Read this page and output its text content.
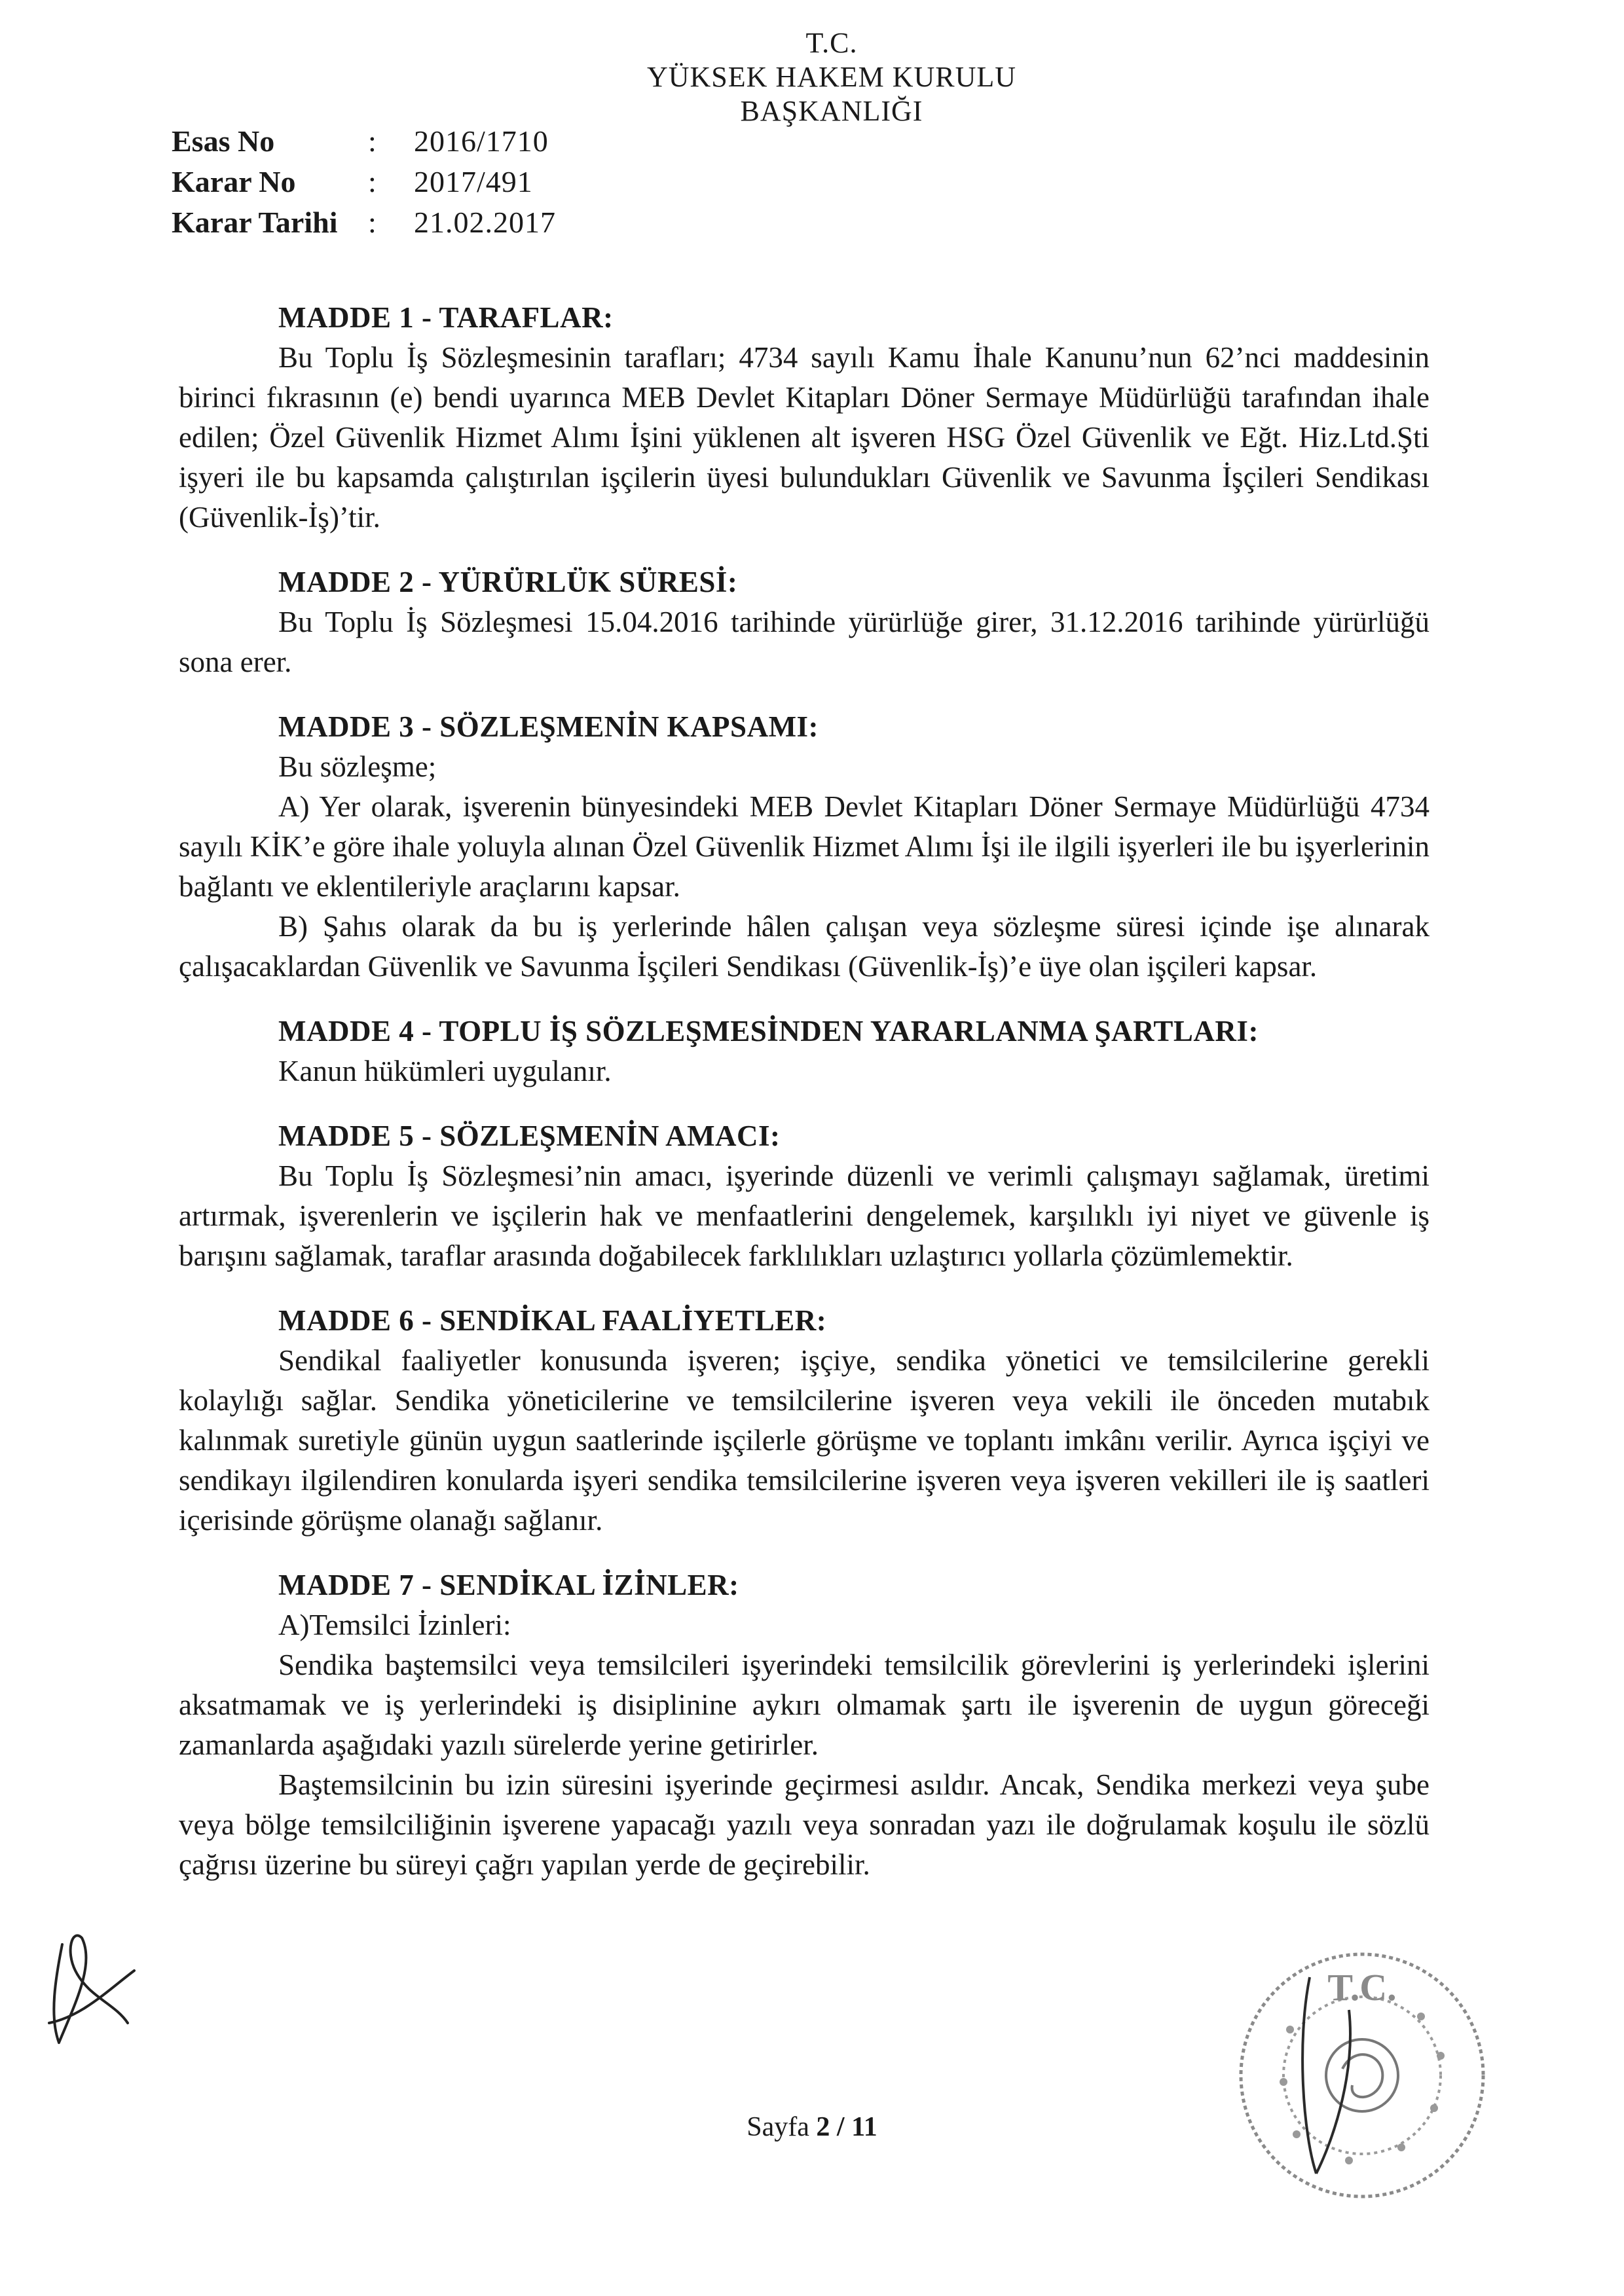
T.C.
YÜKSEK HAKEM KURULU
BAŞKANLIĞI
Esas No	:	2016/1710
Karar No	:	2017/491
Karar Tarihi	:	21.02.2017
MADDE 1 - TARAFLAR:

Bu Toplu İş Sözleşmesinin tarafları; 4734 sayılı Kamu İhale Kanunu’nun 62’nci maddesinin birinci fıkrasının (e) bendi uyarınca MEB Devlet Kitapları Döner Sermaye Müdürlüğü tarafından ihale edilen; Özel Güvenlik Hizmet Alımı İşini yüklenen alt işveren HSG Özel Güvenlik ve Eğt. Hiz.Ltd.Şti işyeri ile bu kapsamda çalıştırılan işçilerin üyesi bulundukları Güvenlik ve Savunma İşçileri Sendikası (Güvenlik-İş)’tir.

MADDE 2 - YÜRÜRLÜK SÜRESİ:

Bu Toplu İş Sözleşmesi 15.04.2016 tarihinde yürürlüğe girer, 31.12.2016 tarihinde yürürlüğü sona erer.

MADDE 3 - SÖZLEŞMENİN KAPSAMI:

Bu sözleşme;

A) Yer olarak, işverenin bünyesindeki MEB Devlet Kitapları Döner Sermaye Müdürlüğü 4734 sayılı KİK’e göre ihale yoluyla alınan Özel Güvenlik Hizmet Alımı İşi ile ilgili işyerleri ile bu işyerlerinin bağlantı ve eklentileriyle araçlarını kapsar.

B) Şahıs olarak da bu iş yerlerinde hâlen çalışan veya sözleşme süresi içinde işe alınarak çalışacaklardan Güvenlik ve Savunma İşçileri Sendikası (Güvenlik-İş)’e üye olan işçileri kapsar.

MADDE 4 - TOPLU İŞ SÖZLEŞMESİNDEN YARARLANMA ŞARTLARI:

Kanun hükümleri uygulanır.

MADDE 5 - SÖZLEŞMENİN AMACI:

Bu Toplu İş Sözleşmesi’nin amacı, işyerinde düzenli ve verimli çalışmayı sağlamak, üretimi artırmak, işverenlerin ve işçilerin hak ve menfaatlerini dengelemek, karşılıklı iyi niyet ve güvenle iş barışını sağlamak, taraflar arasında doğabilecek farklılıkları uzlaştırıcı yollarla çözümlemektir.

MADDE 6 - SENDİKAL FAALİYETLER:

Sendikal faaliyetler konusunda işveren; işçiye, sendika yönetici ve temsilcilerine gerekli kolaylığı sağlar. Sendika yöneticilerine ve temsilcilerine işveren veya vekili ile önceden mutabık kalınmak suretiyle günün uygun saatlerinde işçilerle görüşme ve toplantı imkânı verilir. Ayrıca işçiyi ve sendikayı ilgilendiren konularda işyeri sendika temsilcilerine işveren veya işveren vekilleri ile iş saatleri içerisinde görüşme olanağı sağlanır.

MADDE 7 - SENDİKAL İZİNLER:

A)Temsilci İzinleri:

Sendika baştemsilci veya temsilcileri işyerindeki temsilcilik görevlerini iş yerlerindeki işlerini aksatmamak ve iş yerlerindeki iş disiplinine aykırı olmamak şartı ile işverenin de uygun göreceği zamanlarda aşağıdaki yazılı sürelerde yerine getirirler.

Baştemsilcinin bu izin süresini işyerinde geçirmesi asıldır. Ancak, Sendika merkezi veya şube veya bölge temsilciliğinin işverene yapacağı yazılı veya sonradan yazı ile doğrulamak koşulu ile sözlü çağrısı üzerine bu süreyi çağrı yapılan yerde de geçirebilir.

Sayfa 2 / 11
T.C.
